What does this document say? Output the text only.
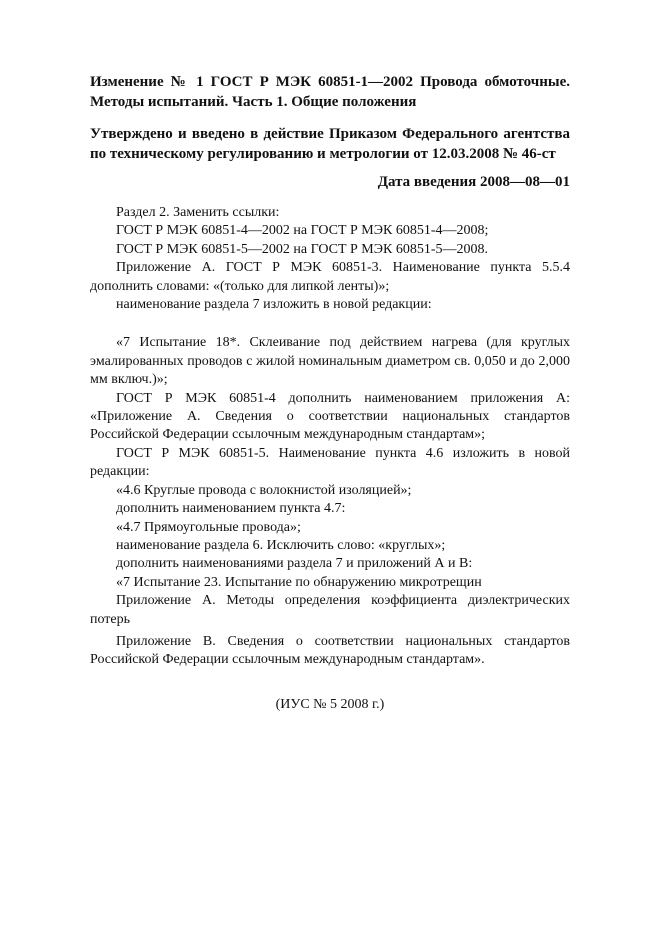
Изменение № 1 ГОСТ Р МЭК 60851-1—2002 Провода обмоточные. Методы испытаний. Часть 1. Общие положения

Утверждено и введено в действие Приказом Федерального агентства по техническому регулированию и метрологии от 12.03.2008 № 46-ст

Дата введения 2008—08—01

Раздел 2. Заменить ссылки:

ГОСТ Р МЭК 60851-4—2002 на ГОСТ Р МЭК 60851-4—2008;

ГОСТ Р МЭК 60851-5—2002 на ГОСТ Р МЭК 60851-5—2008.

Приложение А. ГОСТ Р МЭК 60851-3. Наименование пункта 5.5.4 дополнить словами: «(только для липкой ленты)»;

наименование раздела 7 изложить в новой редакции:

«7 Испытание 18*. Склеивание под действием нагрева (для круглых эмалированных проводов с жилой номинальным диаметром св. 0,050 и до 2,000 мм включ.)»;

ГОСТ Р МЭК 60851-4 дополнить наименованием приложения А: «Приложение А. Сведения о соответствии национальных стандартов Российской Федерации ссылочным международным стандартам»;

ГОСТ Р МЭК 60851-5. Наименование пункта 4.6 изложить в новой редакции:

«4.6 Круглые провода с волокнистой изоляцией»;

дополнить наименованием пункта 4.7:

«4.7 Прямоугольные провода»;

наименование раздела 6. Исключить слово: «круглых»;

дополнить наименованиями раздела 7 и приложений А и В:

«7 Испытание 23. Испытание по обнаружению микротрещин

Приложение А. Методы определения коэффициента диэлектрических потерь

Приложение В. Сведения о соответствии национальных стандартов Российской Федерации ссылочным международным стандартам».

(ИУС № 5 2008 г.)
